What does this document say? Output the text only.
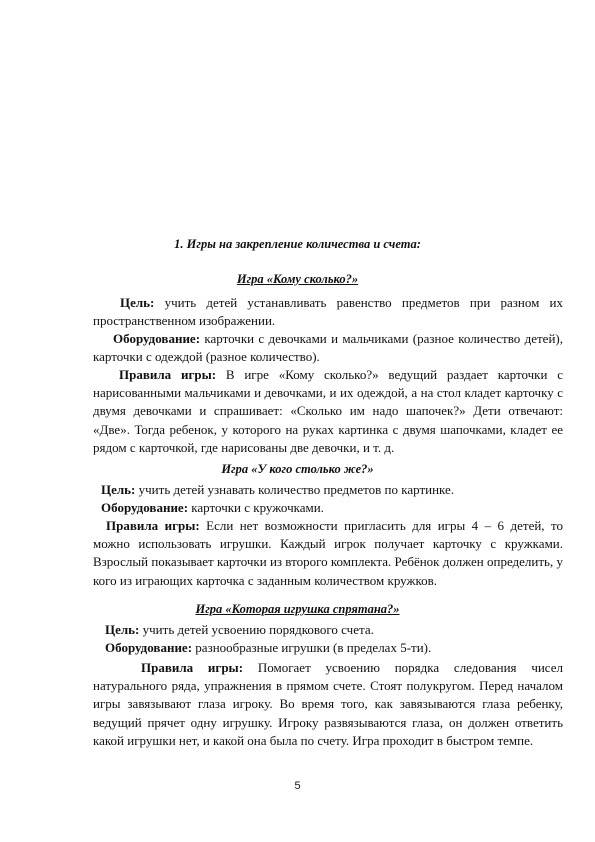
1. Игры на закрепление количества и счета:
Игра «Кому сколько?»

Цель: учить детей устанавливать равенство предметов при разном их пространственном изображении.

Оборудование: карточки с девочками и мальчиками (разное количество детей), карточки с одеждой (разное количество).

Правила игры: В игре «Кому сколько?» ведущий раздает карточки с нарисованными мальчиками и девочками, и их одеждой, а на стол кладет карточку с двумя девочками и спрашивает: «Сколько им надо шапочек?» Дети отвечают: «Две». Тогда ребенок, у которого на руках картинка с двумя шапочками, кладет ее рядом с карточкой, где нарисованы две девочки, и т. д.

Игра «У кого столько же?»

Цель: учить детей узнавать количество предметов по картинке.

Оборудование: карточки с кружочками.

Правила игры: Если нет возможности пригласить для игры 4 – 6 детей, то можно использовать игрушки. Каждый игрок получает карточку с кружками. Взрослый показывает карточки из второго комплекта. Ребёнок должен определить, у кого из играющих карточка с заданным количеством кружков.

Игра «Которая игрушка спрятана?»

Цель: учить детей усвоению порядкового счета.

Оборудование: разнообразные игрушки (в пределах 5-ти).

Правила игры: Помогает усвоению порядка следования чисел натурального ряда, упражнения в прямом счете. Стоят полукругом. Перед началом игры завязывают глаза игроку. Во время того, как завязываются глаза ребенку, ведущий прячет одну игрушку. Игроку развязываются глаза, он должен ответить какой игрушки нет, и какой она была по счету. Игра проходит в быстром темпе.

5
